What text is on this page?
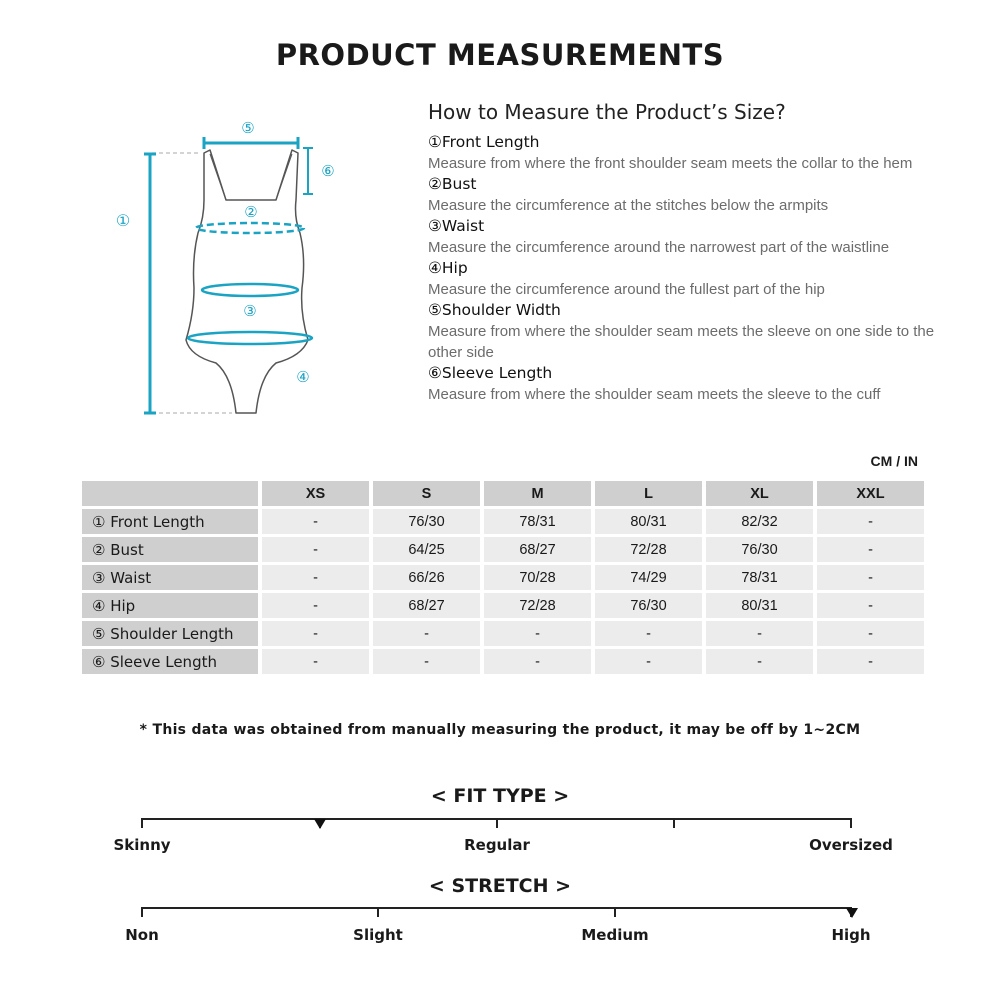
PRODUCT MEASUREMENTS
①
②
③
④
⑤
⑥
How to Measure the Product’s Size?
①Front Length
Measure from where the front shoulder seam meets the collar to the hem
②Bust
Measure the circumference at the stitches below the armpits
③Waist
Measure the circumference around the narrowest part of the waistline
④Hip
Measure the circumference around the fullest part of the hip
⑤Shoulder Width
Measure from where the shoulder seam meets the sleeve on one side to the other side
⑥Sleeve Length
Measure from where the shoulder seam meets the sleeve to the cuff
CM / IN
	XS	S	M	L	XL	XXL
① Front Length	-	76/30	78/31	80/31	82/32	-
② Bust	-	64/25	68/27	72/28	76/30	-
③ Waist	-	66/26	70/28	74/29	78/31	-
④ Hip	-	68/27	72/28	76/30	80/31	-
⑤ Shoulder Length	-	-	-	-	-	-
⑥ Sleeve Length	-	-	-	-	-	-
* This data was obtained from manually measuring the product, it may be off by 1~2CM
< FIT TYPE >
Skinny	Regular	Oversized
< STRETCH >
Non	Slight	Medium	High
